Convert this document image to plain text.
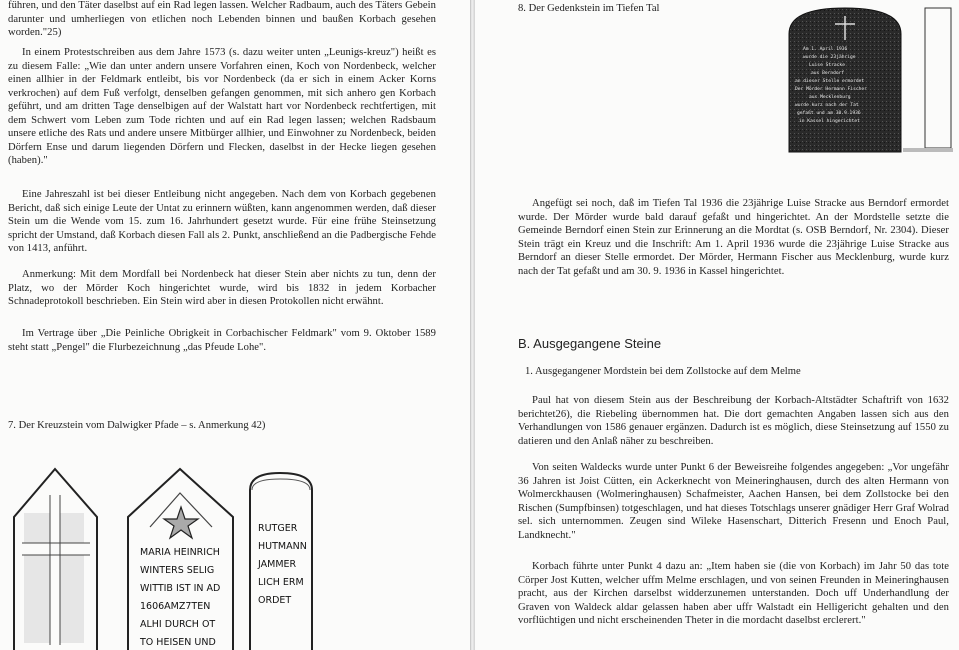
führen, und den Täter daselbst auf ein Rad legen lassen. Welcher Radbaum, auch des Täters Gebein darunter und umherliegen von etlichen noch Lebenden binnen und baußen Korbach gesehen worden."25)

In einem Protestschreiben aus dem Jahre 1573 (s. dazu weiter unten „Leunigs-kreuz") heißt es zu diesem Falle: „Wie dan unter andern unsere Vorfahren einen, Koch von Nordenbeck, welcher einen allhier in der Feldmark entleibt, bis vor Nordenbeck (da er sich in einem Acker Korns verkrochen) auf dem Fuß verfolgt, denselben gefangen genommen, mit sich anhero gen Korbach geführt, und am dritten Tage denselbigen auf der Walstatt hart vor Nordenbeck rechtfertigen, mit dem Schwert vom Leben zum Tode richten und auf ein Rad legen lassen; welchen Radsbaum unsere etliche des Rats und andere unsere Mitbürger allhier, und Einwohner zu Nordenbeck, beiden Dörfern Ense und darum liegenden Dörfern und Flecken, daselbst in der Hecke liegen gesehen (haben)."

Eine Jahreszahl ist bei dieser Entleibung nicht angegeben. Nach dem von Korbach gegebenen Bericht, daß sich einige Leute der Untat zu erinnern wüßten, kann angenommen werden, daß dieser Stein um die Wende vom 15. zum 16. Jahrhundert gesetzt wurde. Für eine frühe Steinsetzung spricht der Umstand, daß Korbach diesen Fall als 2. Punkt, anschließend an die Padbergische Fehde von 1413, anführt.

Anmerkung: Mit dem Mordfall bei Nordenbeck hat dieser Stein aber nichts zu tun, denn der Platz, wo der Mörder Koch hingerichtet wurde, wird bis 1832 in jedem Korbacher Schnadeprotokoll beschrieben. Ein Stein wird aber in diesen Protokollen nicht erwähnt.

Im Vertrage über „Die Peinliche Obrigkeit in Corbachischer Feldmark" vom 9. Oktober 1589 steht statt „Pengel" die Flurbezeichnung „das Pfeude Lohe".

7. Der Kreuzstein vom Dalwigker Pfade – s. Anmerkung 42)
MARIA HEINRICH
WINTERS SELIG
WITTIB IST IN AD
1606AMZ7TEN
ALHI DURCH OT
TO HEISEN UND
RUTGER
HUTMANN
JAMMER
LICH ERM
ORDET
8. Der Gedenkstein im Tiefen Tal
Am 1. April 1936
wurde die 23jährige
Luise Stracke
aus Berndorf
an dieser Stelle ermordet
Der Mörder Hermann Fischer
aus Mecklenburg
wurde kurz nach der Tat
gefaßt und am 30.9.1936
in Kassel hingerichtet

Angefügt sei noch, daß im Tiefen Tal 1936 die 23jährige Luise Stracke aus Berndorf ermordet wurde. Der Mörder wurde bald darauf gefaßt und hingerichtet. An der Mordstelle setzte die Gemeinde Berndorf einen Stein zur Erinnerung an die Mordtat (s. OSB Berndorf, Nr. 2304). Dieser Stein trägt ein Kreuz und die Inschrift: Am 1. April 1936 wurde die 23jährige Luise Stracke aus Berndorf an dieser Stelle ermordet. Der Mörder, Hermann Fischer aus Mecklenburg, wurde kurz nach der Tat gefaßt und am 30. 9. 1936 in Kassel hingerichtet.

B. Ausgegangene Steine
1. Ausgegangener Mordstein bei dem Zollstocke auf dem Melme

Paul hat von diesem Stein aus der Beschreibung der Korbach-Altstädter Schaftrift von 1632 berichtet26), die Riebeling übernommen hat. Die dort gemachten Angaben lassen sich aus den Verhandlungen von 1586 genauer ergänzen. Dadurch ist es möglich, diese Steinsetzung auf 1550 zu datieren und den Anlaß näher zu beschreiben.

Von seiten Waldecks wurde unter Punkt 6 der Beweisreihe folgendes angegeben: „Vor ungefähr 36 Jahren ist Joist Cütten, ein Ackerknecht von Meineringhausen, durch des alten Hermann von Wolmerckhausen (Wolmeringhausen) Schafmeister, Aachen Hansen, bei dem Zollstocke bei den Rischen (Sumpfbinsen) totgeschlagen, und hat dieses Totschlags unserer gnädiger Herr Graf Wolrad sel. sich unternommen. Zeugen sind Wileke Hasenschart, Ditterich Fresenn und Enoch Paul, Landknecht."

Korbach führte unter Punkt 4 dazu an: „Item haben sie (die von Korbach) im Jahr 50 das tote Cörper Jost Kutten, welcher uffm Melme erschlagen, und von seinen Freunden in Meineringhausen pracht, aus der Kirchen darselbst widderzunemen unterstanden. Doch uff Underhandlung der Graven von Waldeck aldar gelassen haben aber uffr Walstadt ein Helligericht gehalten und den vorflüchtigen und nicht erscheinenden Theter in die mordacht daselbst erclerert."
